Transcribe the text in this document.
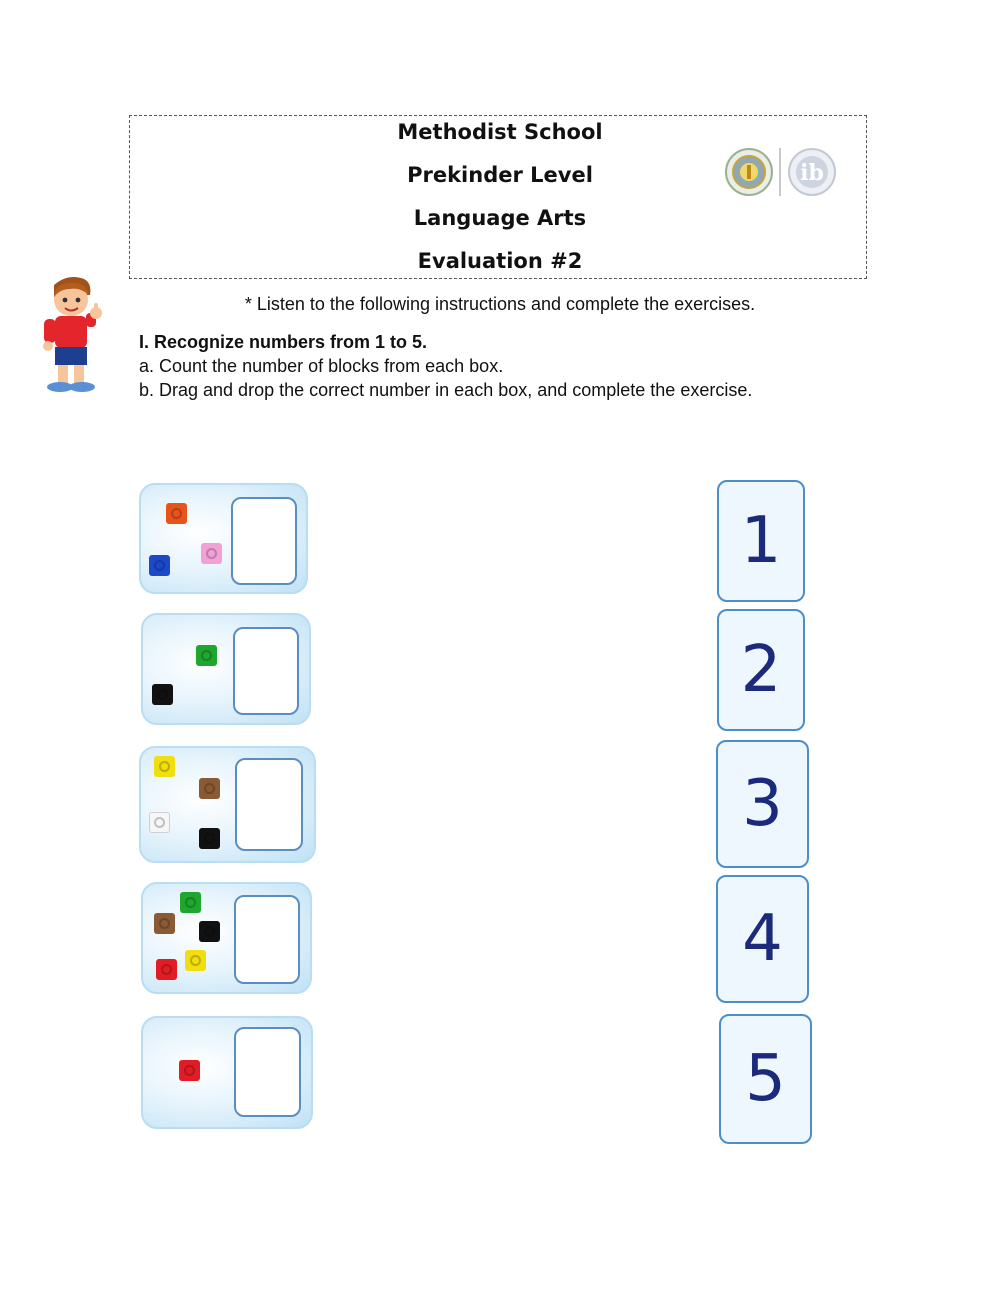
Methodist School
Prekinder Level
Language Arts
Evaluation #2
ib
* Listen to the following instructions and complete the exercises.
I. Recognize numbers from 1 to 5.
a. Count the number of blocks from each box.
b. Drag and drop the correct number in each box, and complete the exercise.
1
2
3
4
5
